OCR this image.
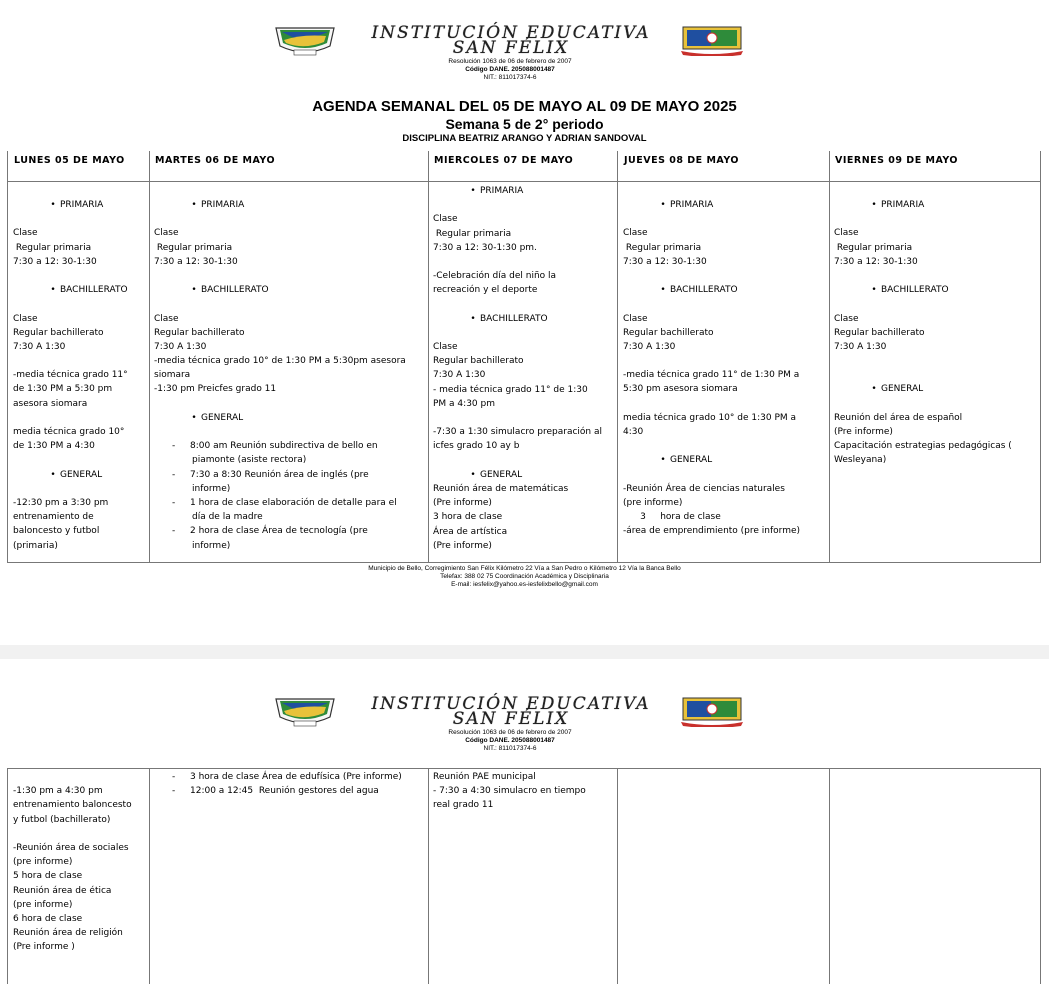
INSTITUCIÓN EDUCATIVA
SAN FÉLIX
Resolución 1063 de 06 de febrero de 2007
Código DANE. 205088001487
NIT.: 811017374-6
AGENDA SEMANAL DEL 05 DE MAYO AL 09 DE MAYO 2025
Semana 5 de 2° periodo
DISCIPLINA BEATRIZ ARANGO Y ADRIAN SANDOVAL
LUNES 05 DE MAYO
• PRIMARIA
Clase
Regular primaria
7:30 a 12: 30-1:30
• BACHILLERATO
Clase
Regular bachillerato
7:30 A 1:30
-media técnica grado 11°
de 1:30 PM a 5:30 pm
asesora siomara
media técnica grado 10°
de 1:30 PM a 4:30
• GENERAL
-12:30 pm a 3:30 pm
entrenamiento de
baloncesto y futbol
(primaria)
MARTES 06 DE MAYO
• PRIMARIA
Clase
Regular primaria
7:30 a 12: 30-1:30
• BACHILLERATO
Clase
Regular bachillerato
7:30 A 1:30
-media técnica grado 10° de 1:30 PM a 5:30pm asesora
siomara
-1:30 pm Preicfes grado 11
• GENERAL
- 8:00 am Reunión subdirectiva de bello en
piamonte (asiste rectora)
- 7:30 a 8:30 Reunión área de inglés (pre
informe)
- 1 hora de clase elaboración de detalle para el
día de la madre
- 2 hora de clase Área de tecnología (pre
informe)
MIERCOLES 07 DE MAYO
• PRIMARIA
Clase
Regular primaria
7:30 a 12: 30-1:30 pm.
-Celebración día del niño la
recreación y el deporte
• BACHILLERATO
Clase
Regular bachillerato
7:30 A 1:30
- media técnica grado 11° de 1:30
PM a 4:30 pm
-7:30 a 1:30 simulacro preparación al
icfes grado 10 ay b
• GENERAL
Reunión área de matemáticas
(Pre informe)
3 hora de clase
Área de artística
(Pre informe)
JUEVES 08 DE MAYO
• PRIMARIA
Clase
Regular primaria
7:30 a 12: 30-1:30
• BACHILLERATO
Clase
Regular bachillerato
7:30 A 1:30
-media técnica grado 11° de 1:30 PM a
5:30 pm asesora siomara
media técnica grado 10° de 1:30 PM a
4:30
• GENERAL
-Reunión Área de ciencias naturales
(pre informe)
3     hora de clase
-área de emprendimiento (pre informe)
VIERNES 09 DE MAYO
• PRIMARIA
Clase
Regular primaria
7:30 a 12: 30-1:30
• BACHILLERATO
Clase
Regular bachillerato
7:30 A 1:30
• GENERAL
Reunión del área de español
(Pre informe)
Capacitación estrategias pedagógicas (
Wesleyana)
Municipio de Bello, Corregimiento San Félix Kilómetro 22 Vía a San Pedro o Kilómetro 12 Vía la Banca Bello
Telefax: 388 02 75 Coordinación Académica y Disciplinaria
E-mail: iesfelix@yahoo.es-iesfelixbello@gmail.com
INSTITUCIÓN EDUCATIVA
SAN FÉLIX
Resolución 1063 de 06 de febrero de 2007
Código DANE. 205088001487
NIT.: 811017374-6
-1:30 pm a 4:30 pm
entrenamiento baloncesto
y futbol (bachillerato)
-Reunión área de sociales
(pre informe)
5 hora de clase
Reunión área de ética
(pre informe)
6 hora de clase
Reunión área de religión
(Pre informe )
- 3 hora de clase Área de edufísica (Pre informe)
- 12:00 a 12:45  Reunión gestores del agua
Reunión PAE municipal
- 7:30 a 4:30 simulacro en tiempo
real grado 11
